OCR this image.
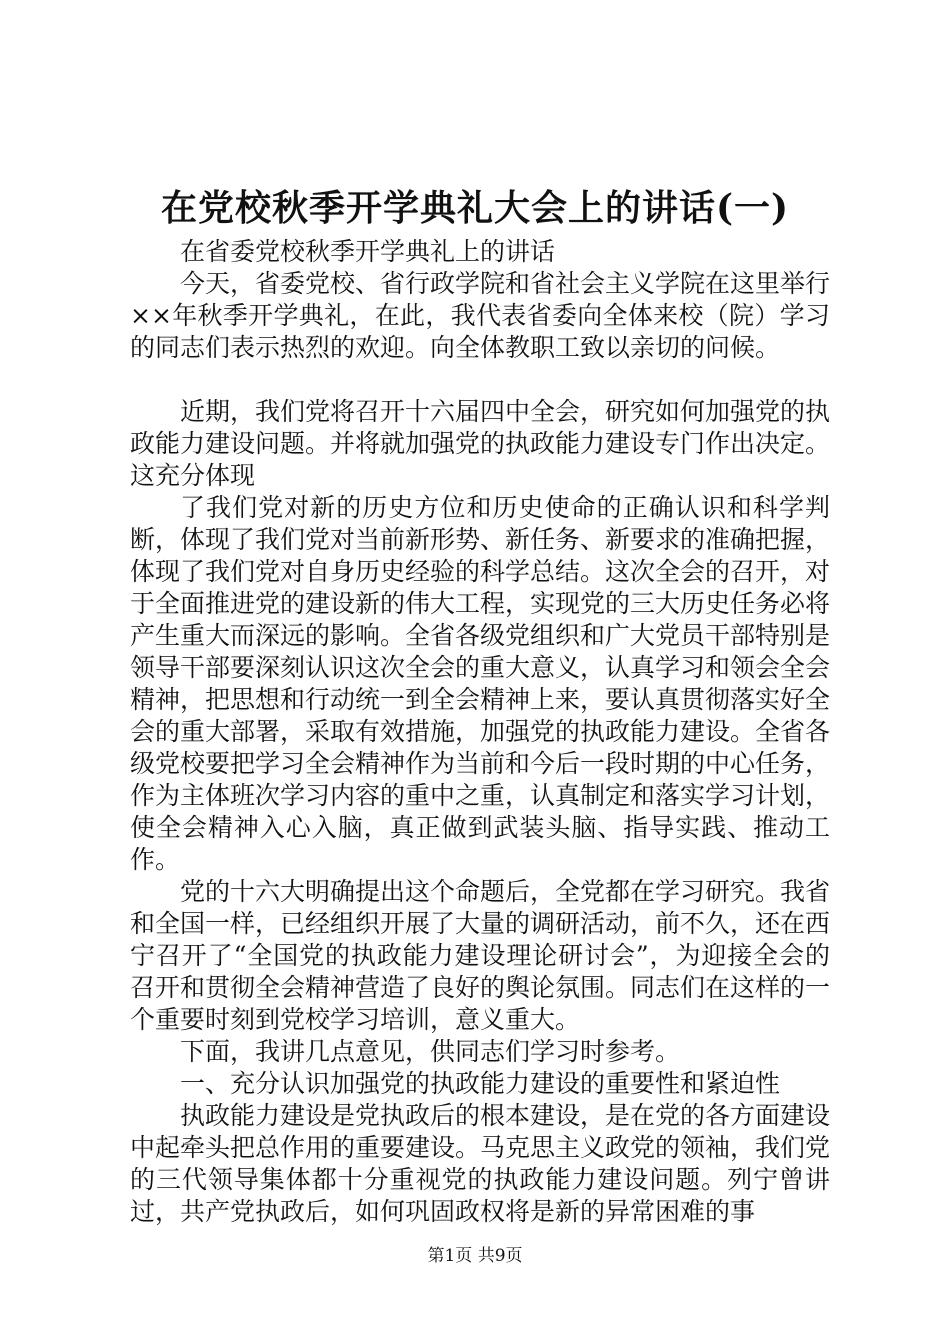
在党校秋季开学典礼大会上的讲话(一)

在省委党校秋季开学典礼上的讲话

今天，省委党校、省行政学院和省社会主义学院在这里举行××年秋季开学典礼，在此，我代表省委向全体来校（院）学习的同志们表示热烈的欢迎。向全体教职工致以亲切的问候。

近期，我们党将召开十六届四中全会，研究如何加强党的执政能力建设问题。并将就加强党的执政能力建设专门作出决定。这充分体现

了我们党对新的历史方位和历史使命的正确认识和科学判断，体现了我们党对当前新形势、新任务、新要求的准确把握，体现了我们党对自身历史经验的科学总结。这次全会的召开，对于全面推进党的建设新的伟大工程，实现党的三大历史任务必将产生重大而深远的影响。全省各级党组织和广大党员干部特别是领导干部要深刻认识这次全会的重大意义，认真学习和领会全会精神，把思想和行动统一到全会精神上来，要认真贯彻落实好全会的重大部署，采取有效措施，加强党的执政能力建设。全省各级党校要把学习全会精神作为当前和今后一段时期的中心任务，作为主体班次学习内容的重中之重，认真制定和落实学习计划，使全会精神入心入脑，真正做到武装头脑、指导实践、推动工作。

党的十六大明确提出这个命题后，全党都在学习研究。我省和全国一样，已经组织开展了大量的调研活动，前不久，还在西宁召开了“全国党的执政能力建设理论研讨会”，为迎接全会的召开和贯彻全会精神营造了良好的舆论氛围。同志们在这样的一个重要时刻到党校学习培训，意义重大。

下面，我讲几点意见，供同志们学习时参考。

一、充分认识加强党的执政能力建设的重要性和紧迫性

执政能力建设是党执政后的根本建设，是在党的各方面建设中起牵头把总作用的重要建设。马克思主义政党的领袖，我们党的三代领导集体都十分重视党的执政能力建设问题。列宁曾讲过，共产党执政后，如何巩固政权将是新的异常困难的事

第1页 共9页
